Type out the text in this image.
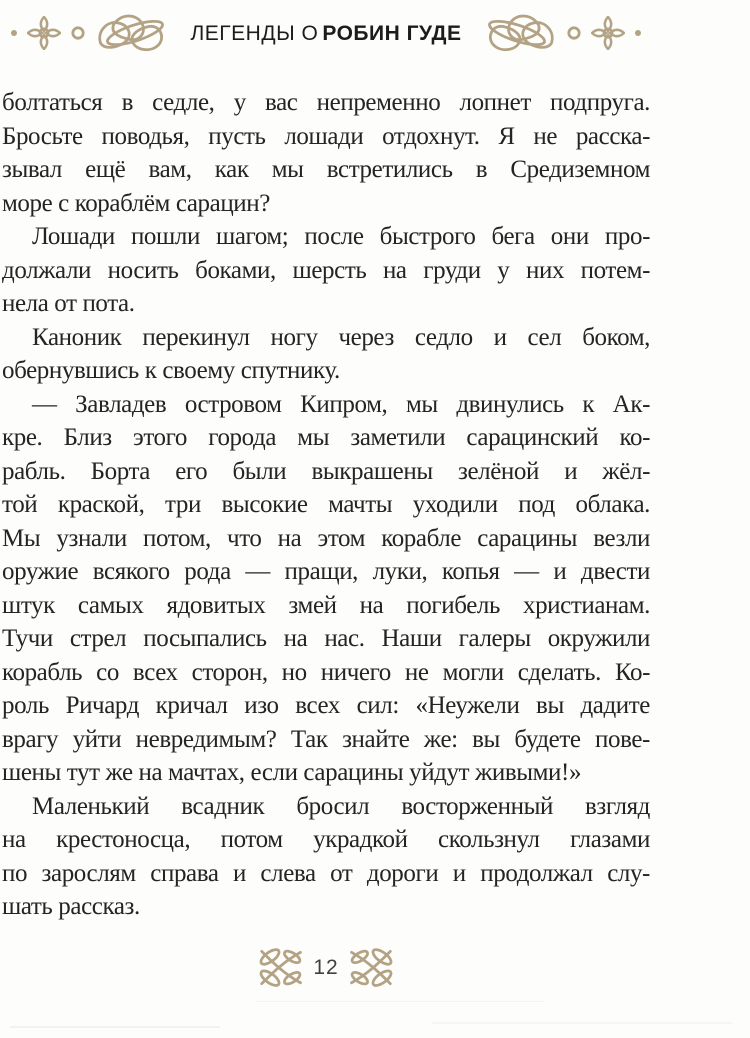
ЛЕГЕНДЫ О РОБИН ГУДЕ
болтаться в седле, у вас непременно лопнет подпруга.
Бросьте поводья, пусть лошади отдохнут. Я не расска-
зывал ещё вам, как мы встретились в Средиземном
море с кораблём сарацин?
Лошади пошли шагом; после быстрого бега они про-
должали носить боками, шерсть на груди у них потем-
нела от пота.
Каноник перекинул ногу через седло и сел боком,
обернувшись к своему спутнику.
— Завладев островом Кипром, мы двинулись к Ак-
кре. Близ этого города мы заметили сарацинский ко-
рабль. Борта его были выкрашены зелёной и жёл-
той краской, три высокие мачты уходили под облака.
Мы узнали потом, что на этом корабле сарацины везли
оружие всякого рода — пращи, луки, копья — и двести
штук самых ядовитых змей на погибель христианам.
Тучи стрел посыпались на нас. Наши галеры окружили
корабль со всех сторон, но ничего не могли сделать. Ко-
роль Ричард кричал изо всех сил: «Неужели вы дадите
врагу уйти невредимым? Так знайте же: вы будете пове-
шены тут же на мачтах, если сарацины уйдут живыми!»
Маленький всадник бросил восторженный взгляд
на крестоносца, потом украдкой скользнул глазами
по зарослям справа и слева от дороги и продолжал слу-
шать рассказ.
12
